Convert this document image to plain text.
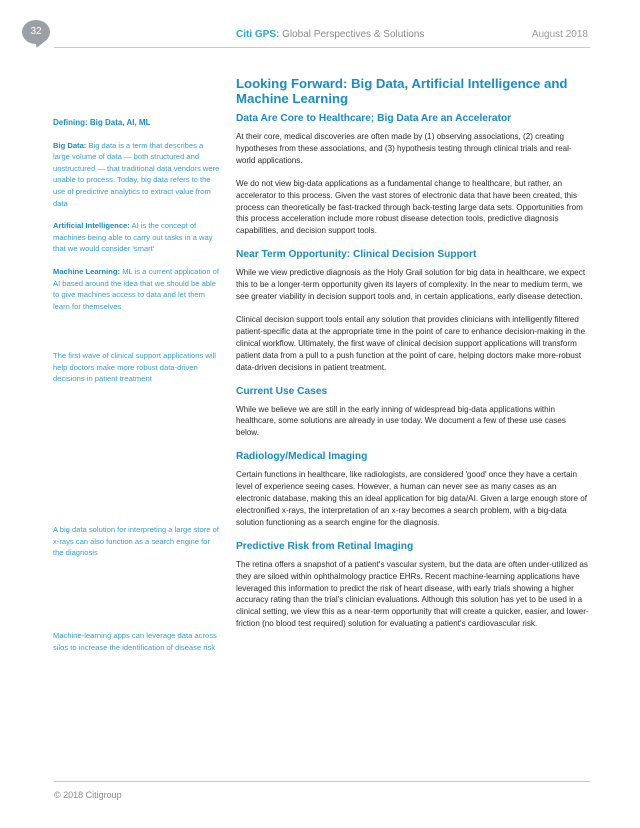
32	Citi GPS: Global Perspectives & Solutions	August 2018

Defining: Big Data, AI, ML

Big Data: Big data is a term that describes a large volume of data — both structured and unstructured — that traditional data vendors were unable to process. Today, big data refers to the use of predictive analytics to extract value from data

Artificial Intelligence: AI is the concept of machines being able to carry out tasks in a way that we would consider 'smart'

Machine Learning: ML is a current application of AI based around the idea that we should be able to give machines access to data and let them learn for themselves

The first wave of clinical support applications will help doctors make more robust data-driven decisions in patient treatment

A big data solution for interpreting a large store of x-rays can also function as a search engine for the diagnosis

Machine-learning apps can leverage data across silos to increase the identification of disease risk

Looking Forward: Big Data, Artificial Intelligence and Machine Learning
Data Are Core to Healthcare; Big Data Are an Accelerator

At their core, medical discoveries are often made by (1) observing associations, (2) creating hypotheses from these associations, and (3) hypothesis testing through clinical trials and real-world applications.

We do not view big-data applications as a fundamental change to healthcare, but rather, an accelerator to this process. Given the vast stores of electronic data that have been created, this process can theoretically be fast-tracked through back-testing large data sets. Opportunities from this process acceleration include more robust disease detection tools, predictive diagnosis capabilities, and decision support tools.

Near Term Opportunity: Clinical Decision Support

While we view predictive diagnosis as the Holy Grail solution for big data in healthcare, we expect this to be a longer-term opportunity given its layers of complexity. In the near to medium term, we see greater viability in decision support tools and, in certain applications, early disease detection.

Clinical decision support tools entail any solution that provides clinicians with intelligently filtered patient-specific data at the appropriate time in the point of care to enhance decision-making in the clinical workflow. Ultimately, the first wave of clinical decision support applications will transform patient data from a pull to a push function at the point of care, helping doctors make more-robust data-driven decisions in patient treatment.

Current Use Cases

While we believe we are still in the early inning of widespread big-data applications within healthcare, some solutions are already in use today. We document a few of these use cases below.

Radiology/Medical Imaging

Certain functions in healthcare, like radiologists, are considered 'good' once they have a certain level of experience seeing cases. However, a human can never see as many cases as an electronic database, making this an ideal application for big data/AI. Given a large enough store of electronified x-rays, the interpretation of an x-ray becomes a search problem, with a big-data solution functioning as a search engine for the diagnosis.

Predictive Risk from Retinal Imaging

The retina offers a snapshot of a patient's vascular system, but the data are often under-utilized as they are siloed within ophthalmology practice EHRs. Recent machine-learning applications have leveraged this information to predict the risk of heart disease, with early trials showing a higher accuracy rating than the trial's clinician evaluations. Although this solution has yet to be used in a clinical setting, we view this as a near-term opportunity that will create a quicker, easier, and lower-friction (no blood test required) solution for evaluating a patient's cardiovascular risk.

© 2018 Citigroup
